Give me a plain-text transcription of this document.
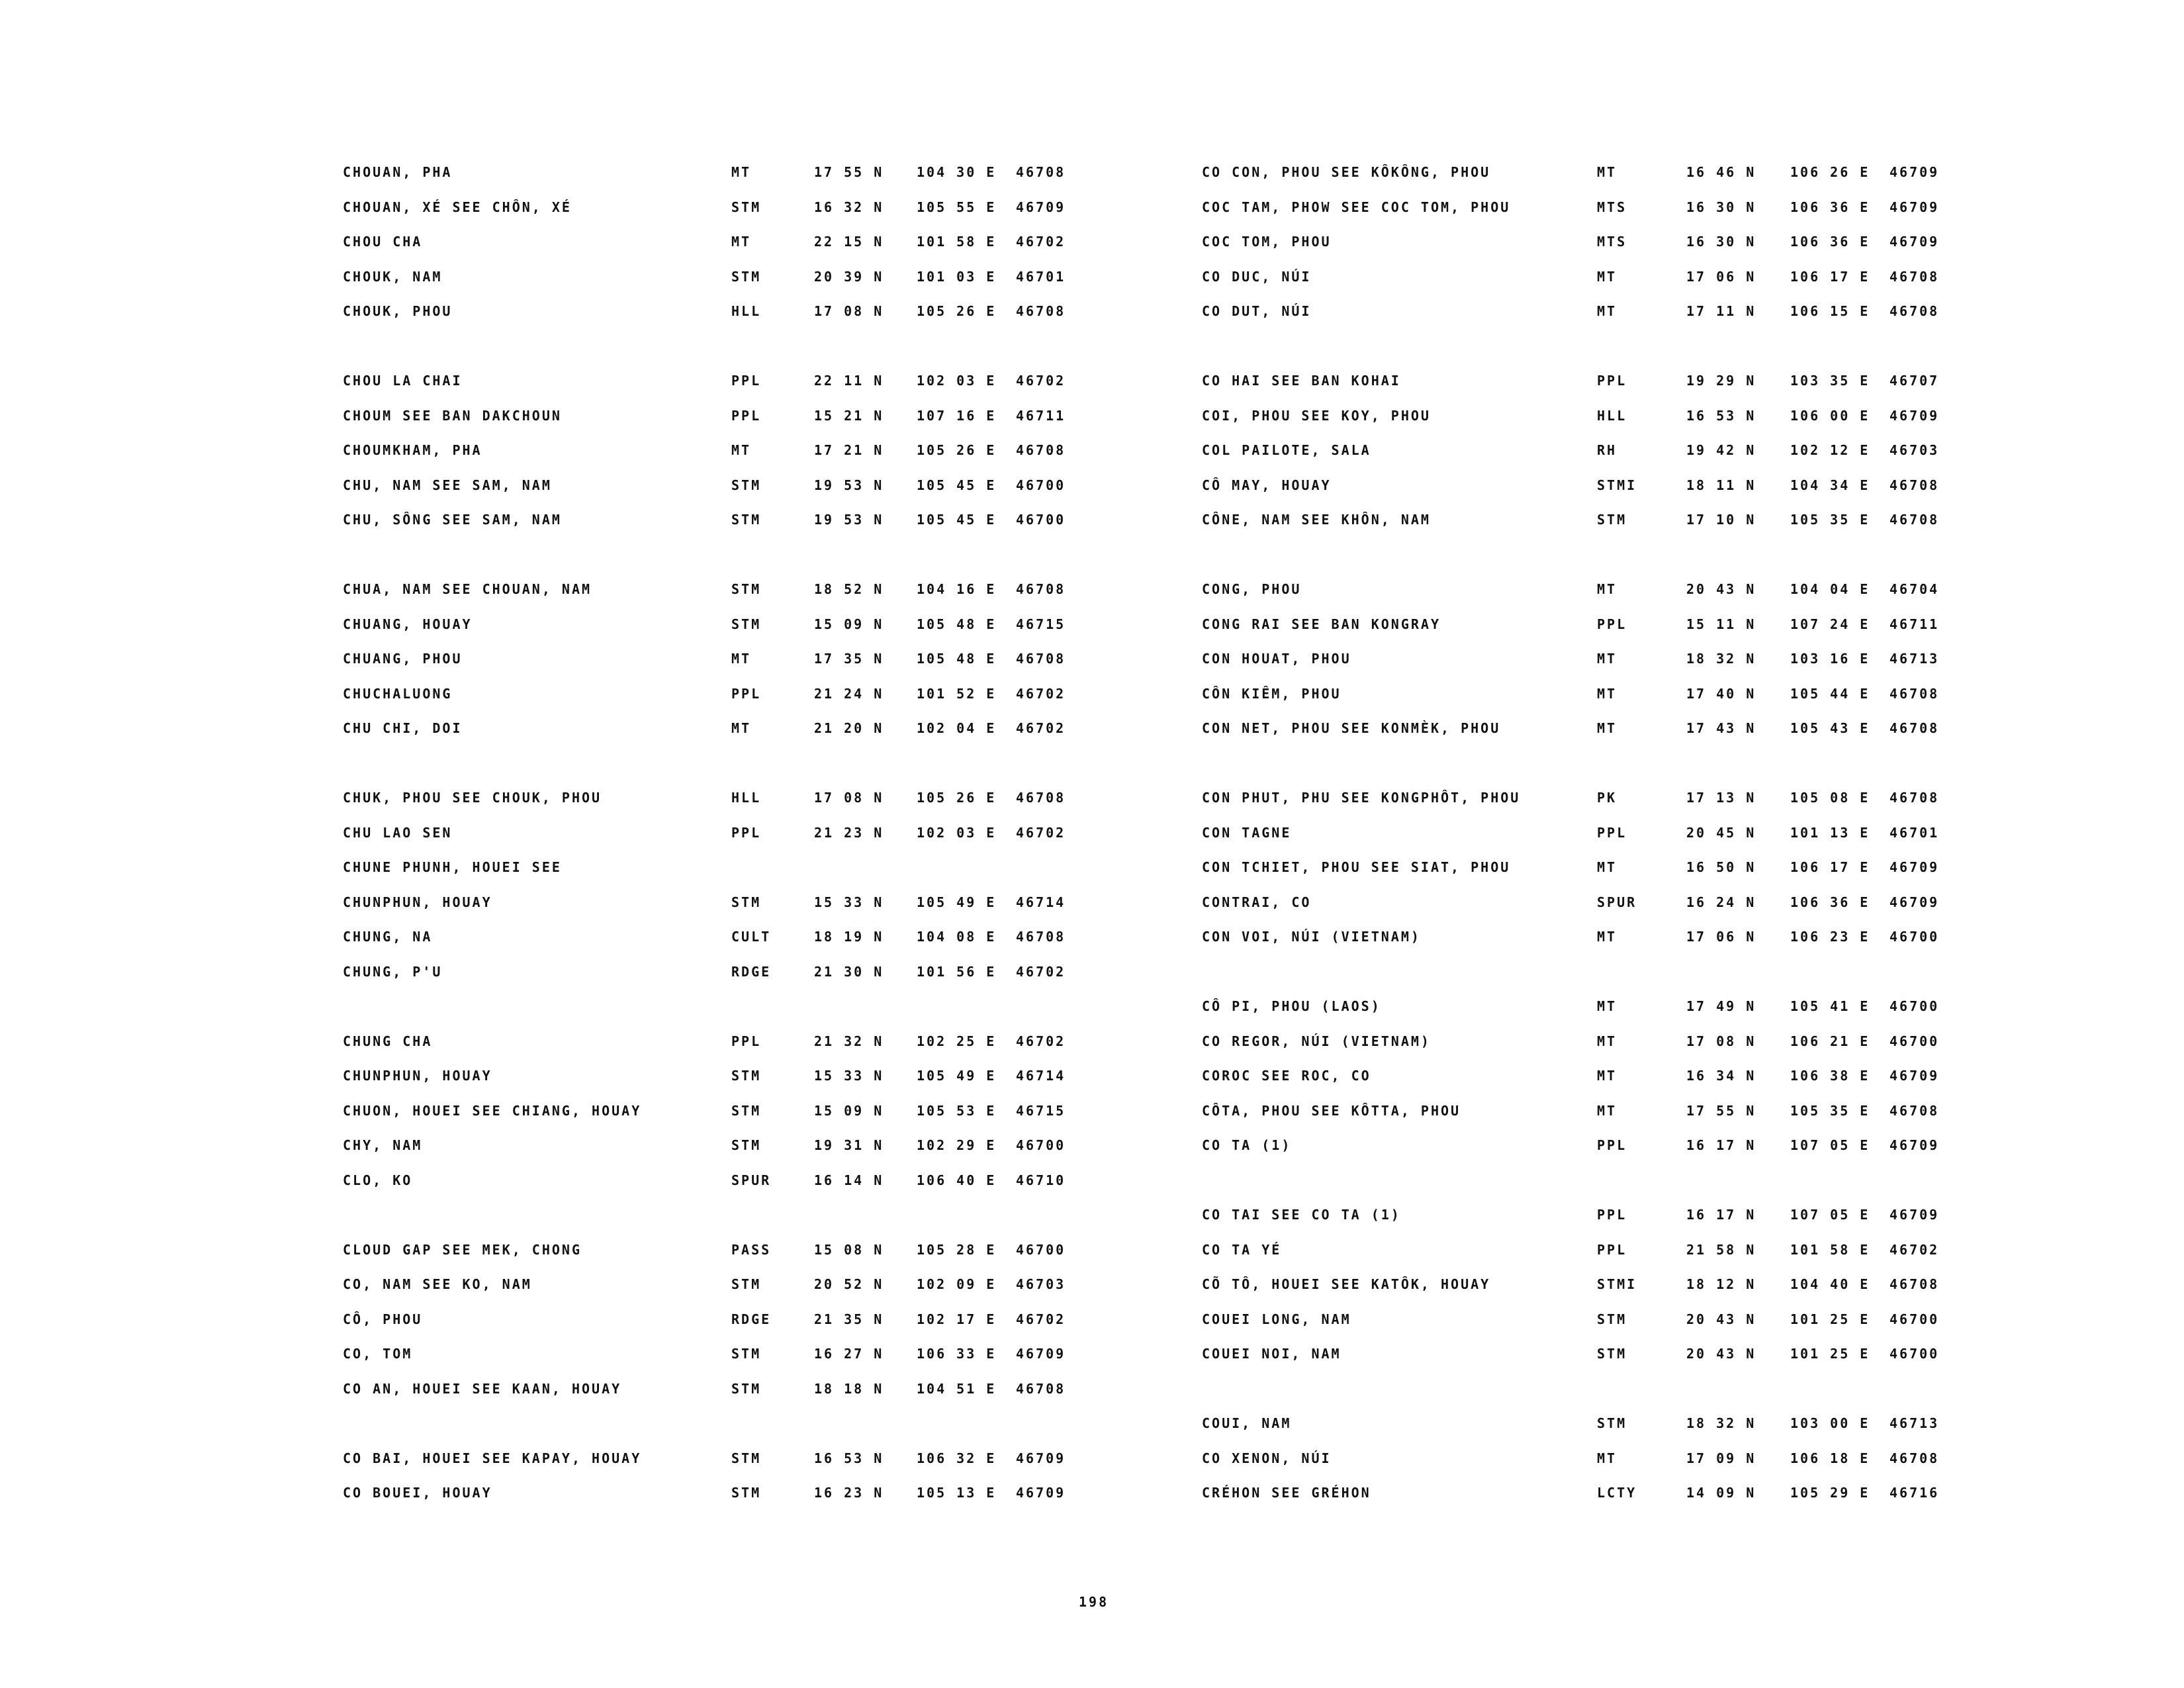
CHOUAN, PHA	MT	17 55 N 104 30 E 46708
CHOUAN, XÉ SEE CHÔN, XÉ	STM	16 32 N 105 55 E 46709
CHOU CHA	MT	22 15 N 101 58 E 46702
CHOUK, NAM	STM	20 39 N 101 03 E 46701
CHOUK, PHOU	HLL	17 08 N 105 26 E 46708
CHOU LA CHAI	PPL	22 11 N 102 03 E 46702
CHOUM SEE BAN DAKCHOUN	PPL	15 21 N 107 16 E 46711
CHOUMKHAM, PHA	MT	17 21 N 105 26 E 46708
CHU, NAM SEE SAM, NAM	STM	19 53 N 105 45 E 46700
CHU, SÔNG SEE SAM, NAM	STM	19 53 N 105 45 E 46700
CHUA, NAM SEE CHOUAN, NAM	STM	18 52 N 104 16 E 46708
CHUANG, HOUAY	STM	15 09 N 105 48 E 46715
CHUANG, PHOU	MT	17 35 N 105 48 E 46708
CHUCHALUONG	PPL	21 24 N 101 52 E 46702
CHU CHI, DOI	MT	21 20 N 102 04 E 46702
CHUK, PHOU SEE CHOUK, PHOU	HLL	17 08 N 105 26 E 46708
CHU LAO SEN	PPL	21 23 N 102 03 E 46702
CHUNE PHUNH, HOUEI SEE
CHUNPHUN, HOUAY	STM	15 33 N 105 49 E 46714
CHUNG, NA	CULT	18 19 N 104 08 E 46708
CHUNG, P'U	RDGE	21 30 N 101 56 E 46702
CHUNG CHA	PPL	21 32 N 102 25 E 46702
CHUNPHUN, HOUAY	STM	15 33 N 105 49 E 46714
CHUON, HOUEI SEE CHIANG, HOUAY	STM	15 09 N 105 53 E 46715
CHY, NAM	STM	19 31 N 102 29 E 46700
CLO, KO	SPUR	16 14 N 106 40 E 46710
CLOUD GAP SEE MEK, CHONG	PASS	15 08 N 105 28 E 46700
CO, NAM SEE KO, NAM	STM	20 52 N 102 09 E 46703
CÔ, PHOU	RDGE	21 35 N 102 17 E 46702
CO, TOM	STM	16 27 N 106 33 E 46709
CO AN, HOUEI SEE KAAN, HOUAY	STM	18 18 N 104 51 E 46708
CO BAI, HOUEI SEE KAPAY, HOUAY	STM	16 53 N 106 32 E 46709
CO BOUEI, HOUAY	STM	16 23 N 105 13 E 46709
CO CON, PHOU SEE KÔKÔNG, PHOU	MT	16 46 N	106 26 E 46709
COC TAM, PHOW SEE COC TOM, PHOU	MTS	16 30 N	106 36 E 46709
COC TOM, PHOU	MTS	16 30 N	106 36 E 46709
CO DUC, NÚI	MT	17 06 N	106 17 E 46708
CO DUT, NÚI	MT	17 11 N	106 15 E 46708
CO HAI SEE BAN KOHAI	PPL	19 29 N	103 35 E 46707
COI, PHOU SEE KOY, PHOU	HLL	16 53 N	106 00 E 46709
COL PAILOTE, SALA	RH	19 42 N	102 12 E 46703
CÔ MAY, HOUAY	STMI	18 11 N	104 34 E 46708
CÔNE, NAM SEE KHÔN, NAM	STM	17 10 N	105 35 E 46708
CONG, PHOU	MT	20 43 N	104 04 E 46704
CONG RAI SEE BAN KONGRAY	PPL	15 11 N	107 24 E 46711
CON HOUAT, PHOU	MT	18 32 N	103 16 E 46713
CÔN KIÊM, PHOU	MT	17 40 N	105 44 E 46708
CON NET, PHOU SEE KONMÈK, PHOU	MT	17 43 N	105 43 E 46708
CON PHUT, PHU SEE KONGPHÔT, PHOU	PK	17 13 N	105 08 E 46708
CON TAGNE	PPL	20 45 N	101 13 E 46701
CON TCHIET, PHOU SEE SIAT, PHOU	MT	16 50 N	106 17 E 46709
CONTRAI, CO	SPUR	16 24 N	106 36 E 46709
CON VOI, NÚI (VIETNAM)	MT	17 06 N	106 23 E 46700
CÔ PI, PHOU (LAOS)	MT	17 49 N	105 41 E 46700
CO REGOR, NÚI (VIETNAM)	MT	17 08 N	106 21 E 46700
COROC SEE ROC, CO	MT	16 34 N	106 38 E 46709
CÔTA, PHOU SEE KÔTTA, PHOU	MT	17 55 N	105 35 E 46708
CO TA (1)	PPL	16 17 N	107 05 E 46709
CO TAI SEE CO TA (1)	PPL	16 17 N	107 05 E 46709
CO TA YÉ	PPL	21 58 N	101 58 E 46702
CÕ TÔ, HOUEI SEE KATÔK, HOUAY	STMI	18 12 N	104 40 E 46708
COUEI LONG, NAM	STM	20 43 N	101 25 E 46700
COUEI NOI, NAM	STM	20 43 N	101 25 E 46700
COUI, NAM	STM	18 32 N	103 00 E 46713
CO XENON, NÚI	MT	17 09 N	106 18 E 46708
CRÉHON SEE GRÉHON	LCTY	14 09 N	105 29 E 46716
198
